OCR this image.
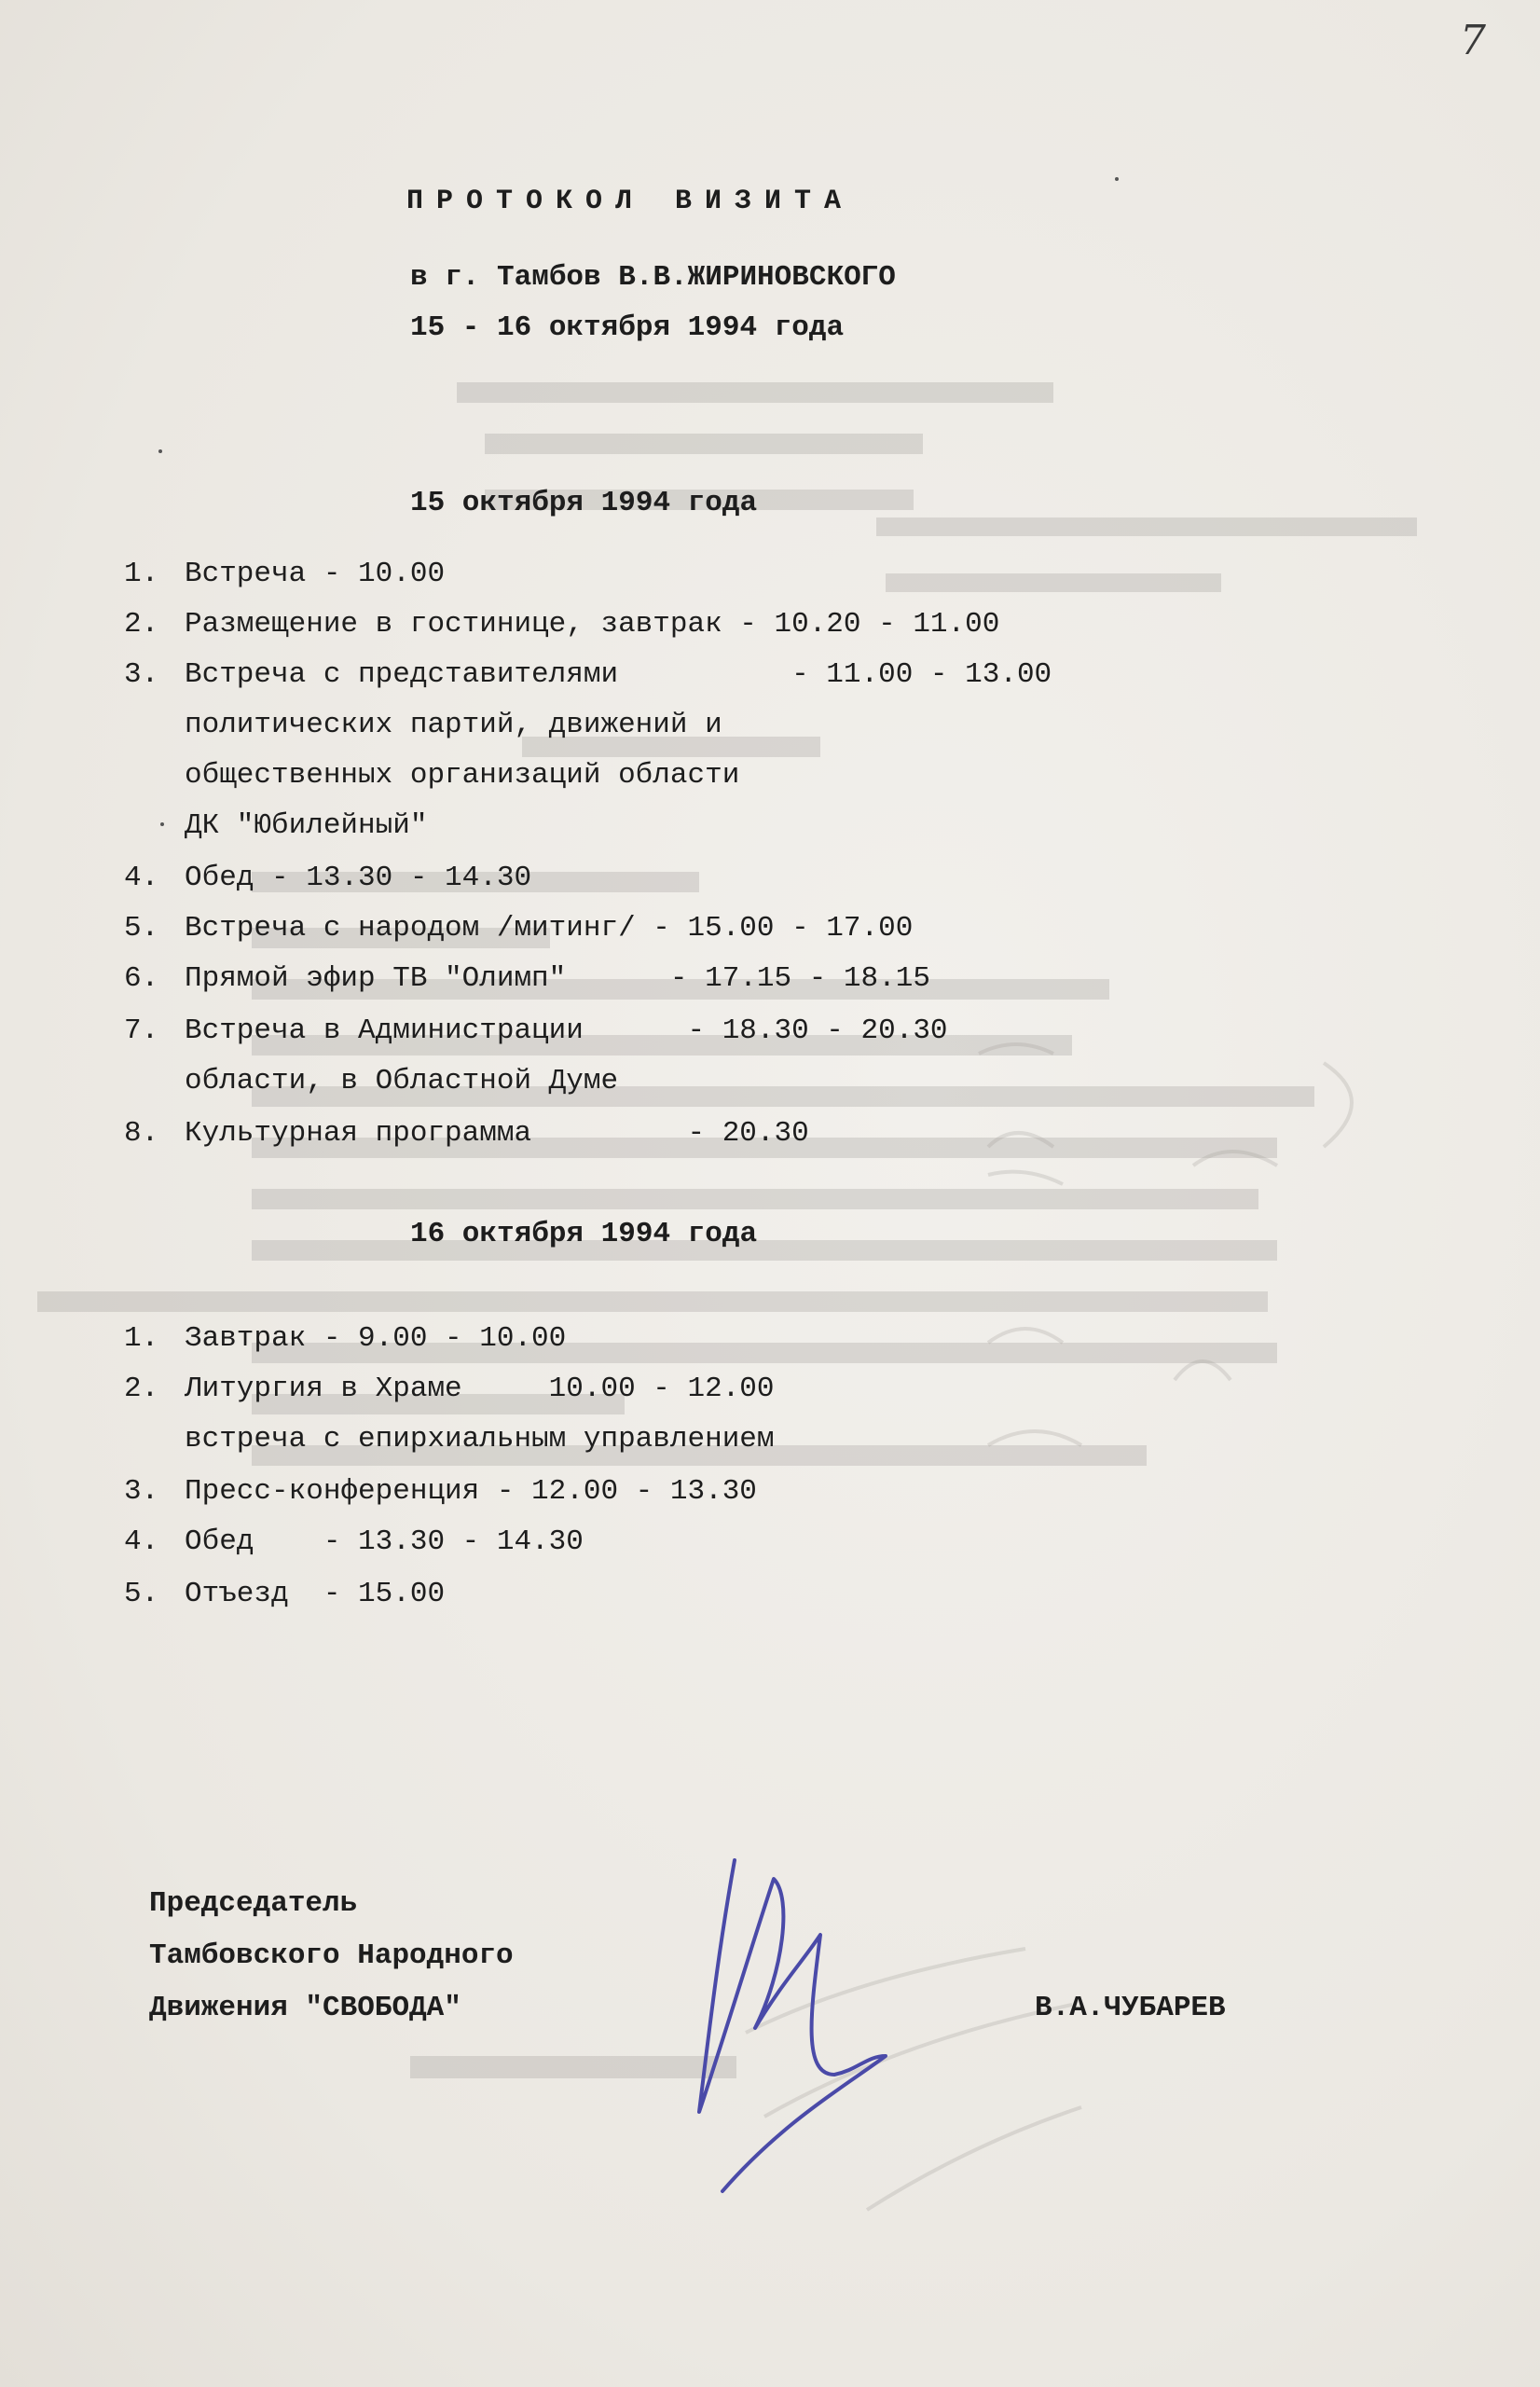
7
ПРОТОКОЛ ВИЗИТА
в г. Тамбов В.В.ЖИРИНОВСКОГО
15 - 16 октября 1994 года
15 октября 1994 года
1. Встреча - 10.00
2. Размещение в гостинице, завтрак - 10.20 - 11.00
3. Встреча с представителями          - 11.00 - 13.00
политических партий, движений и
общественных организаций области
ДК "Юбилейный"
4. Обед - 13.30 - 14.30
5. Встреча с народом /митинг/ - 15.00 - 17.00
6. Прямой эфир ТВ "Олимп"      - 17.15 - 18.15
7. Встреча в Администрации      - 18.30 - 20.30
области, в Областной Думе
8. Культурная программа         - 20.30
16 октября 1994 года
1. Завтрак - 9.00 - 10.00
2. Литургия в Храме     10.00 - 12.00
встреча с епирхиальным управлением
3. Пресс-конференция - 12.00 - 13.30
4. Обед    - 13.30 - 14.30
5. Отъезд  - 15.00
Председатель
Тамбовского Народного
Движения "СВОБОДА"	В.А.ЧУБАРЕВ
